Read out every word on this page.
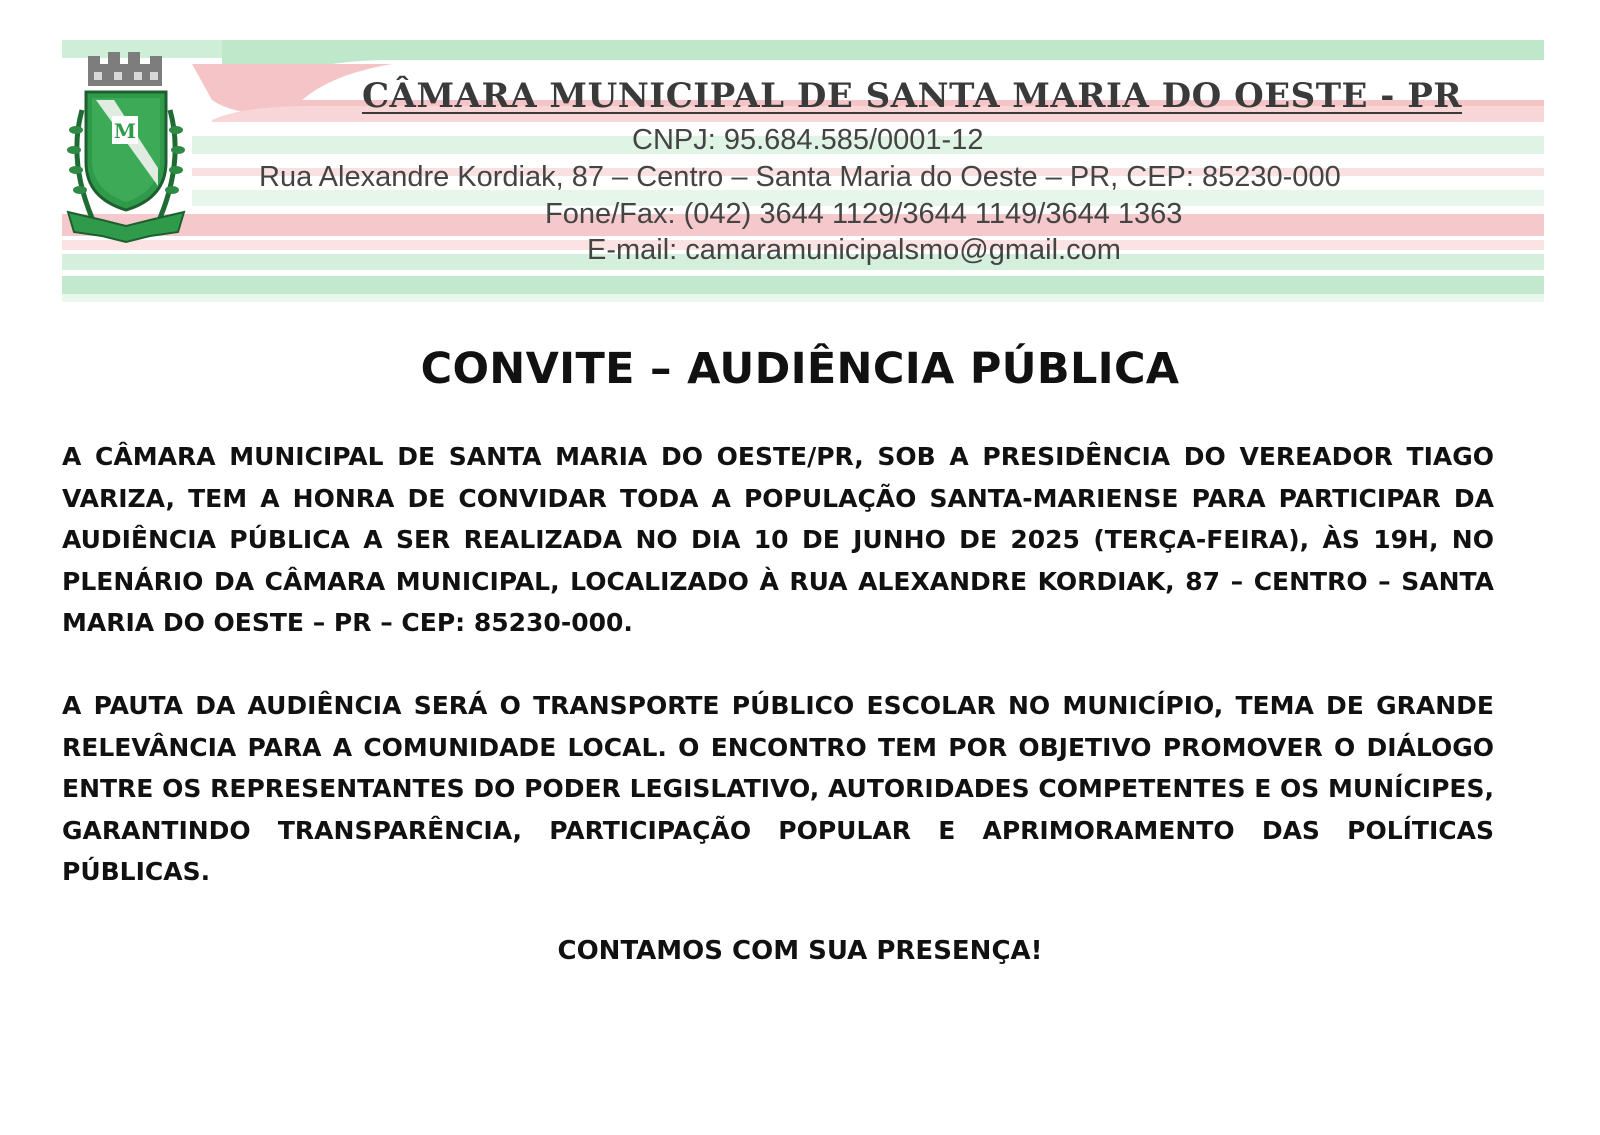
M
CÂMARA MUNICIPAL DE SANTA MARIA DO OESTE - PR
CNPJ: 95.684.585/0001-12
Rua Alexandre Kordiak, 87 – Centro – Santa Maria do Oeste – PR, CEP: 85230-000
Fone/Fax: (042) 3644 1129/3644 1149/3644 1363
E-mail: camaramunicipalsmo@gmail.com
CONVITE – AUDIÊNCIA PÚBLICA

A CÂMARA MUNICIPAL DE SANTA MARIA DO OESTE/PR, SOB A PRESIDÊNCIA DO VEREADOR TIAGO VARIZA, TEM A HONRA DE CONVIDAR TODA A POPULAÇÃO SANTA-MARIENSE PARA PARTICIPAR DA AUDIÊNCIA PÚBLICA A SER REALIZADA NO DIA 10 DE JUNHO DE 2025 (TERÇA-FEIRA), ÀS 19H, NO PLENÁRIO DA CÂMARA MUNICIPAL, LOCALIZADO À RUA ALEXANDRE KORDIAK, 87 – CENTRO – SANTA MARIA DO OESTE – PR – CEP: 85230-000.

A PAUTA DA AUDIÊNCIA SERÁ O TRANSPORTE PÚBLICO ESCOLAR NO MUNICÍPIO, TEMA DE GRANDE RELEVÂNCIA PARA A COMUNIDADE LOCAL. O ENCONTRO TEM POR OBJETIVO PROMOVER O DIÁLOGO ENTRE OS REPRESENTANTES DO PODER LEGISLATIVO, AUTORIDADES COMPETENTES E OS MUNÍCIPES, GARANTINDO TRANSPARÊNCIA, PARTICIPAÇÃO POPULAR E APRIMORAMENTO DAS POLÍTICAS PÚBLICAS.

CONTAMOS COM SUA PRESENÇA!
